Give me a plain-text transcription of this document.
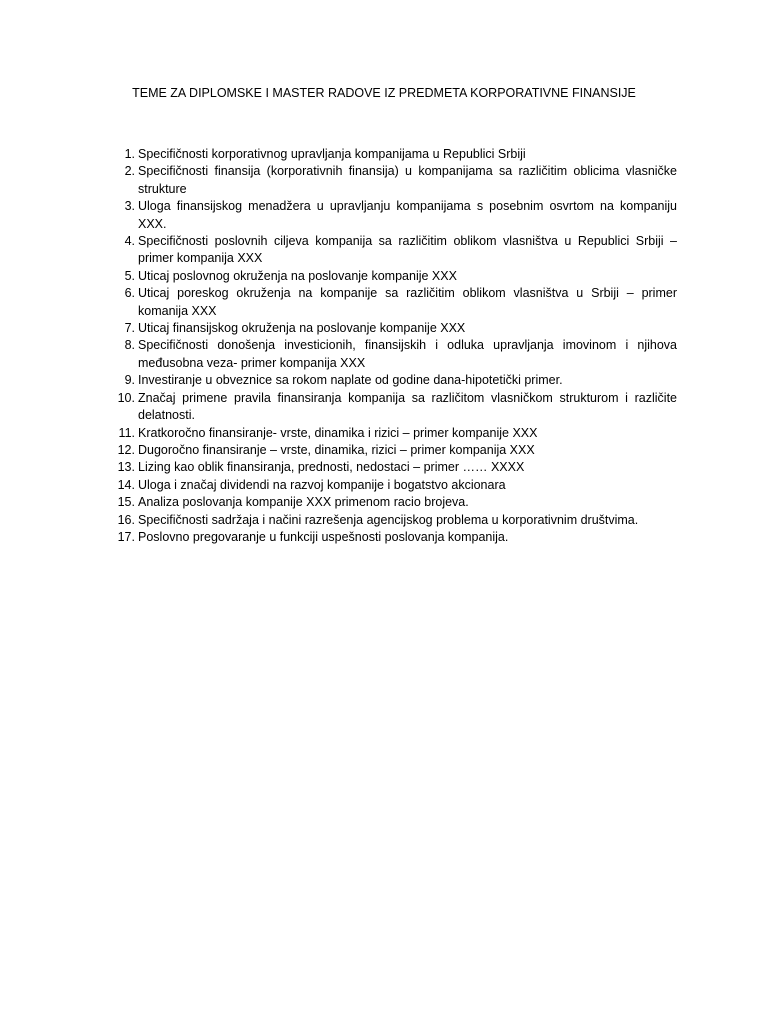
TEME ZA DIPLOMSKE I MASTER RADOVE IZ PREDMETA KORPORATIVNE FINANSIJE
1. Specifičnosti korporativnog upravljanja kompanijama u Republici Srbiji
2. Specifičnosti finansija (korporativnih finansija) u kompanijama sa različitim oblicima vlasničke strukture
3. Uloga finansijskog menadžera u upravljanju kompanijama s posebnim osvrtom na kompaniju XXX.
4. Specifičnosti poslovnih ciljeva kompanija sa različitim oblikom vlasništva u Republici Srbiji – primer kompanija XXX
5. Uticaj poslovnog okruženja na poslovanje kompanije XXX
6. Uticaj poreskog okruženja na kompanije sa različitim oblikom vlasništva u Srbiji – primer komanija XXX
7. Uticaj finansijskog okruženja na poslovanje kompanije XXX
8. Specifičnosti donošenja investicionih, finansijskih i odluka upravljanja imovinom i njihova međusobna veza- primer kompanija XXX
9. Investiranje u obveznice sa rokom naplate od godine dana-hipotetički primer.
10. Značaj primene pravila finansiranja kompanija sa različitom vlasničkom strukturom i različite delatnosti.
11. Kratkoročno finansiranje- vrste, dinamika i rizici – primer kompanije XXX
12. Dugoročno finansiranje – vrste, dinamika, rizici – primer kompanija XXX
13. Lizing kao oblik finansiranja, prednosti, nedostaci – primer …… XXXX
14. Uloga i značaj dividendi na razvoj kompanije i bogatstvo akcionara
15. Analiza poslovanja kompanije XXX primenom racio brojeva.
16. Specifičnosti sadržaja i načini razrešenja agencijskog problema u korporativnim društvima.
17. Poslovno pregovaranje u funkciji uspešnosti poslovanja kompanija.
